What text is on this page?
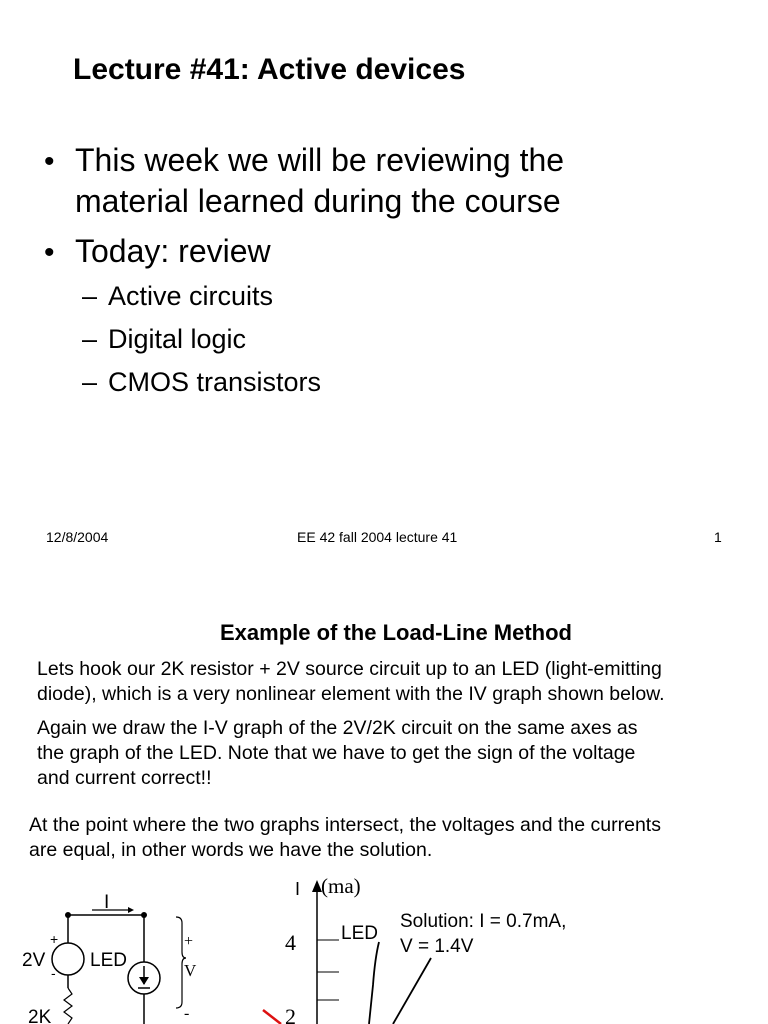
Lecture #41: Active devices
• This week we will be reviewing the
material learned during the course
• Today: review
– Active circuits
– Digital logic
– CMOS transistors
12/8/2004	EE 42 fall 2004 lecture 41	1
Example of the Load-Line Method
Lets hook our 2K resistor + 2V source circuit up to an LED (light-emitting
diode), which is a very nonlinear element with the IV graph shown below.
Again we draw the I-V graph of the 2V/2K circuit on the same axes as
the graph of the LED. Note that we have to get the sign of the voltage
and current correct!!
At the point where the two graphs intersect, the voltages and the currents
are equal, in other words we have the solution.
I
+
2V
-
LED
+
V
-
2K
I (ma)
4
2
LED
Solution: I = 0.7mA,
V = 1.4V
